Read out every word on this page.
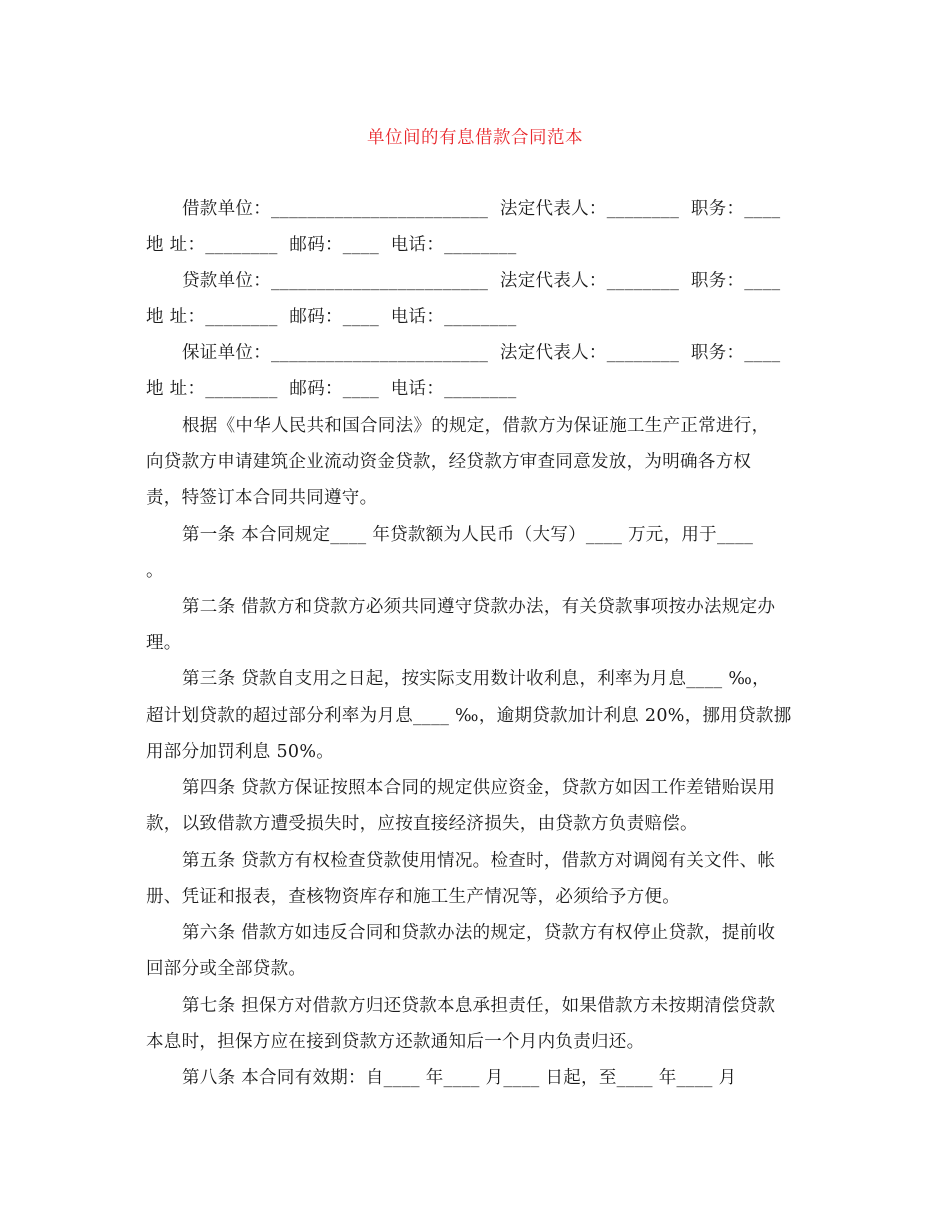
单位间的有息借款合同范本
借款单位：________________________  法定代表人：________  职务：____
地 址：________  邮码：____  电话：________
贷款单位：________________________  法定代表人：________  职务：____
地 址：________  邮码：____  电话：________
保证单位：________________________  法定代表人：________  职务：____
地 址：________  邮码：____  电话：________
根据《中华人民共和国合同法》的规定，借款方为保证施工生产正常进行，
向贷款方申请建筑企业流动资金贷款，经贷款方审查同意发放，为明确各方权
责，特签订本合同共同遵守。
第一条 本合同规定____ 年贷款额为人民币（大写）____ 万元，用于____
。
第二条 借款方和贷款方必须共同遵守贷款办法，有关贷款事项按办法规定办
理。
第三条 贷款自支用之日起，按实际支用数计收利息，利率为月息____ ‰，
超计划贷款的超过部分利率为月息____ ‰，逾期贷款加计利息 20%，挪用贷款挪
用部分加罚利息 50%。
第四条 贷款方保证按照本合同的规定供应资金，贷款方如因工作差错贻误用
款，以致借款方遭受损失时，应按直接经济损失，由贷款方负责赔偿。
第五条 贷款方有权检查贷款使用情况。检查时，借款方对调阅有关文件、帐
册、凭证和报表，查核物资库存和施工生产情况等，必须给予方便。
第六条 借款方如违反合同和贷款办法的规定，贷款方有权停止贷款，提前收
回部分或全部贷款。
第七条 担保方对借款方归还贷款本息承担责任，如果借款方未按期清偿贷款
本息时，担保方应在接到贷款方还款通知后一个月内负责归还。
第八条 本合同有效期：自____ 年____ 月____ 日起，至____ 年____ 月
